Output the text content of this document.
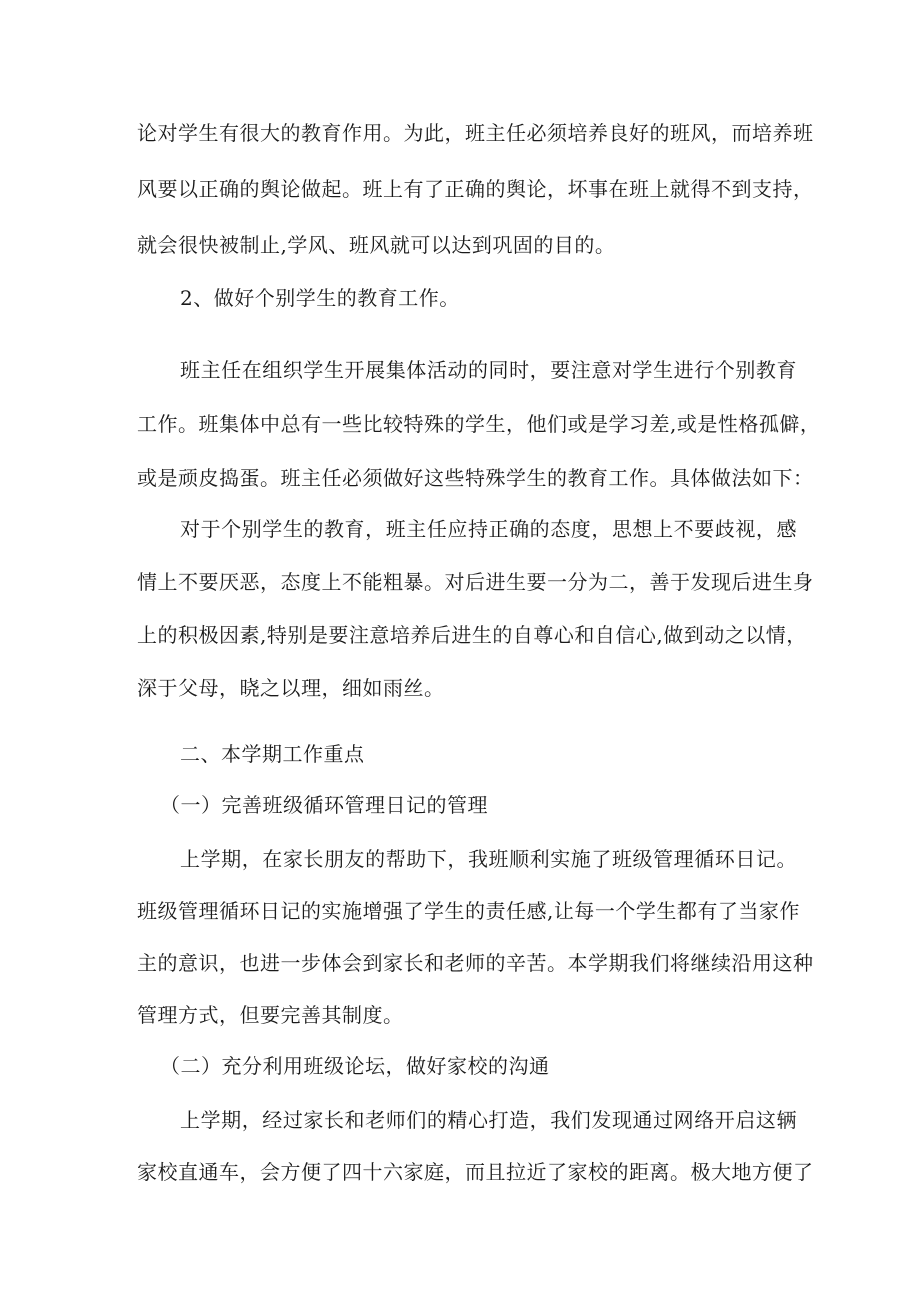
论对学生有很大的教育作用。为此，班主任必须培养良好的班风，而培养班
风要以正确的舆论做起。班上有了正确的舆论，坏事在班上就得不到支持，
就会很快被制止,学风、班风就可以达到巩固的目的。
2、做好个别学生的教育工作。
班主任在组织学生开展集体活动的同时，要注意对学生进行个别教育
工作。班集体中总有一些比较特殊的学生，他们或是学习差,或是性格孤僻，
或是顽皮捣蛋。班主任必须做好这些特殊学生的教育工作。具体做法如下：
对于个别学生的教育，班主任应持正确的态度，思想上不要歧视，感
情上不要厌恶，态度上不能粗暴。对后进生要一分为二，善于发现后进生身
上的积极因素,特别是要注意培养后进生的自尊心和自信心,做到动之以情，
深于父母，晓之以理，细如雨丝。
二、本学期工作重点
（一）完善班级循环管理日记的管理
上学期，在家长朋友的帮助下，我班顺利实施了班级管理循环日记。
班级管理循环日记的实施增强了学生的责任感,让每一个学生都有了当家作
主的意识，也进一步体会到家长和老师的辛苦。本学期我们将继续沿用这种
管理方式，但要完善其制度。
（二）充分利用班级论坛，做好家校的沟通
上学期，经过家长和老师们的精心打造，我们发现通过网络开启这辆
家校直通车，会方便了四十六家庭，而且拉近了家校的距离。极大地方便了
